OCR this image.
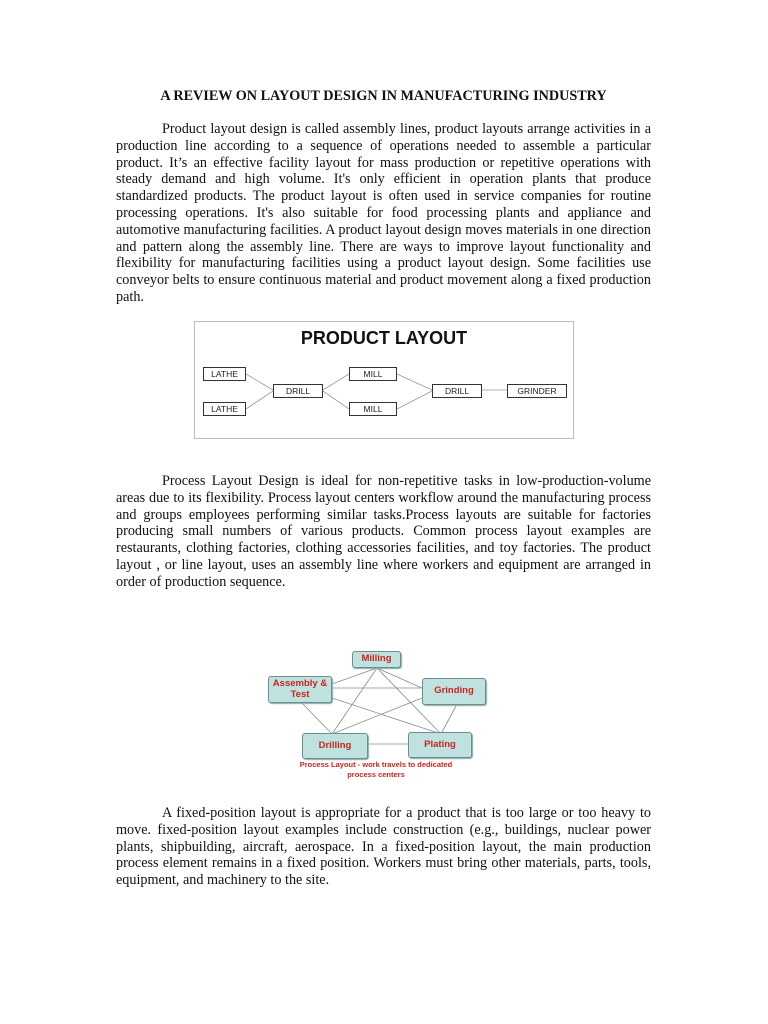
A REVIEW ON LAYOUT DESIGN IN MANUFACTURING INDUSTRY

Product layout design is called assembly lines, product layouts arrange activities in a production line according to a sequence of operations needed to assemble a particular product. It’s an effective facility layout for mass production or repetitive operations with steady demand and high volume. It's only efficient in operation plants that produce standardized products. The product layout is often used in service companies for routine processing operations. It's also suitable for food processing plants and appliance and automotive manufacturing facilities. A product layout design moves materials in one direction and pattern along the assembly line. There are ways to improve layout functionality and flexibility for manufacturing facilities using a product layout design. Some facilities use conveyor belts to ensure continuous material and product movement along a fixed production path.

PRODUCT LAYOUT
LATHE
LATHE
DRILL
MILL
MILL
DRILL	GRINDER

Process Layout Design is ideal for non-repetitive tasks in low-production-volume areas due to its flexibility. Process layout centers workflow around the manufacturing process and groups employees performing similar tasks.Process layouts are suitable for factories producing small numbers of various products. Common process layout examples are restaurants, clothing factories, clothing accessories facilities, and toy factories. The product layout , or line layout, uses an assembly line where workers and equipment are arranged in order of production sequence.

Milling
Assembly & Test	Grinding
Drilling	Plating
Process Layout - work travels to dedicated process centers

A fixed-position layout is appropriate for a product that is too large or too heavy to move. fixed-position layout examples include construction (e.g., buildings, nuclear power plants, shipbuilding, aircraft, aerospace. In a fixed-position layout, the main production process element remains in a fixed position. Workers must bring other materials, parts, tools, equipment, and machinery to the site.
